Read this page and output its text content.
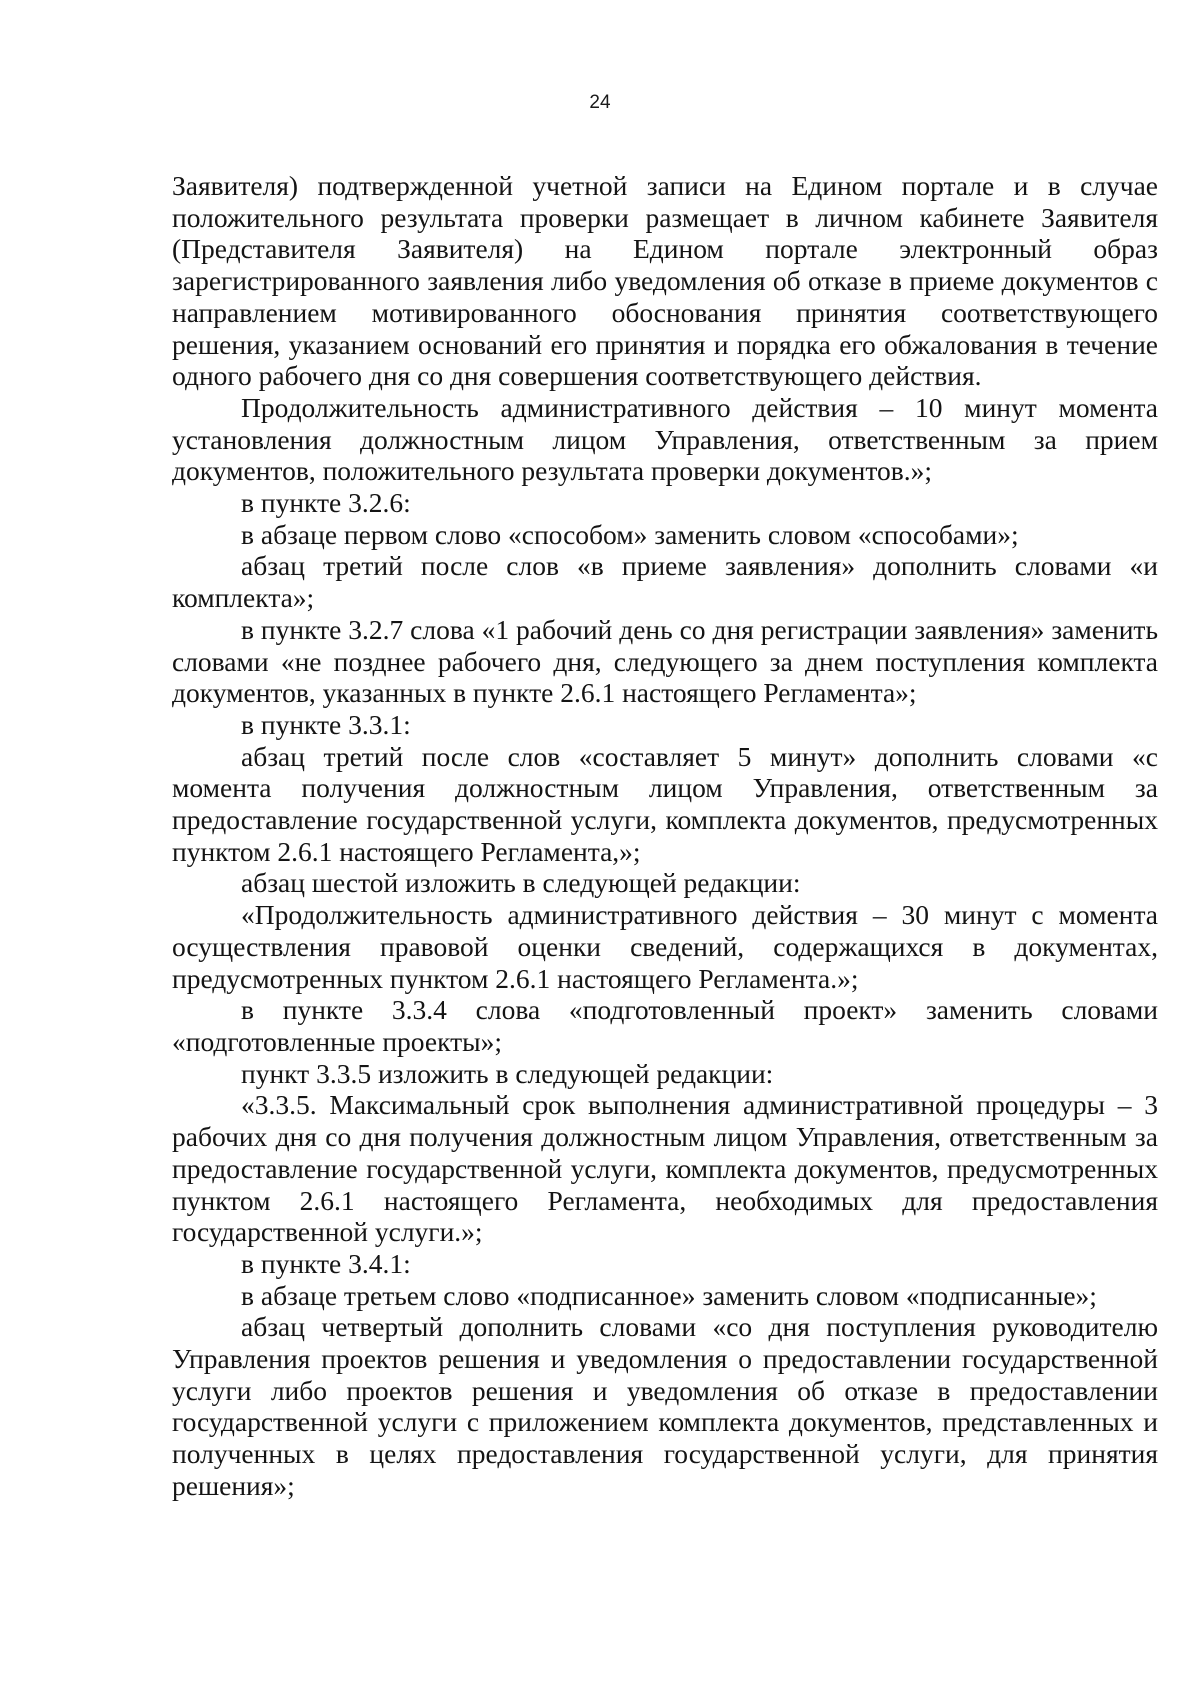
24

Заявителя) подтвержденной учетной записи на Едином портале и в случае положительного результата проверки размещает в личном кабинете Заявителя (Представителя Заявителя) на Едином портале электронный образ зарегистрированного заявления либо уведомления об отказе в приеме документов с направлением мотивированного обоснования принятия соответствующего решения, указанием оснований его принятия и порядка его обжалования в течение одного рабочего дня со дня совершения соответствующего действия.

Продолжительность административного действия – 10 минут момента установления должностным лицом Управления, ответственным за прием документов, положительного результата проверки документов.»;

в пункте 3.2.6:

в абзаце первом слово «способом» заменить словом «способами»;

абзац третий после слов «в приеме заявления» дополнить словами «и комплекта»;

в пункте 3.2.7 слова «1 рабочий день со дня регистрации заявления» заменить словами «не позднее рабочего дня, следующего за днем поступления комплекта документов, указанных в пункте 2.6.1 настоящего Регламента»;

в пункте 3.3.1:

абзац третий после слов «составляет 5 минут» дополнить словами «с момента получения должностным лицом Управления, ответственным за предоставление государственной услуги, комплекта документов, предусмотренных пунктом 2.6.1 настоящего Регламента,»;

абзац шестой изложить в следующей редакции:

«Продолжительность административного действия – 30 минут с момента осуществления правовой оценки сведений, содержащихся в документах, предусмотренных пунктом 2.6.1 настоящего Регламента.»;

в пункте 3.3.4 слова «подготовленный проект» заменить словами «подготовленные проекты»;

пункт 3.3.5 изложить в следующей редакции:

«3.3.5. Максимальный срок выполнения административной процедуры – 3 рабочих дня со дня получения должностным лицом Управления, ответственным за предоставление государственной услуги, комплекта документов, предусмотренных пунктом 2.6.1 настоящего Регламента, необходимых для предоставления государственной услуги.»;

в пункте 3.4.1:

в абзаце третьем слово «подписанное» заменить словом «подписанные»;

абзац четвертый дополнить словами «со дня поступления руководителю Управления проектов решения и уведомления о предоставлении государственной услуги либо проектов решения и уведомления об отказе в предоставлении государственной услуги с приложением комплекта документов, представленных и полученных в целях предоставления государственной услуги, для принятия решения»;
